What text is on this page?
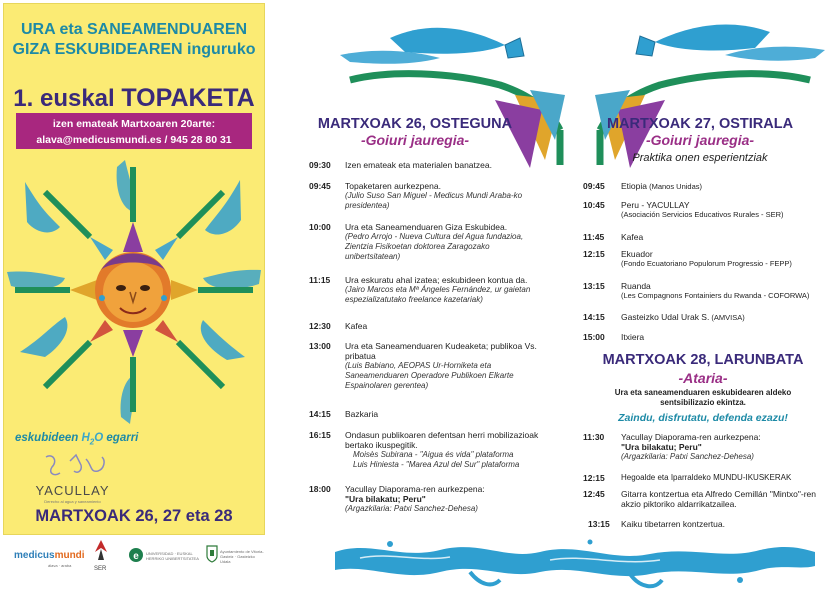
URA eta SANEAMENDUAREN
GIZA ESKUBIDEAREN inguruko
1. euskal TOPAKETA
izen emateak Martxoaren 20arte:
alava@medicusmundi.es / 945 28 80 31
eskubideen $H_2O$ egarri
YACULLAY
Derecho al agua y saneamiento
MARTXOAK 26, 27 eta 28
medicusmundi
álava · araba
SER
e UNIVERSIDAD · EUSKAL HERRIKO UNIBERTSITATEA
Ayuntamiento de Vitoria-Gasteiz · Gasteizko Udala
MARTXOAK 26, OSTEGUNA
-Goiuri jauregia-
09:30 Izen emateak eta materialen banatzea.
09:45 Topaketaren aurkezpena.
(Julio Suso San Miguel - Medicus Mundi Araba-ko presidentea)
10:00 Ura eta Saneamenduaren Giza Eskubidea.
(Pedro Arrojo - Nueva Cultura del Agua fundazioa, Zientzia Fisikoetan doktorea Zaragozako unibertsitatean)
11:15 Ura eskuratu ahal izatea; eskubideen kontua da.
(Jairo Marcos eta Mª Ángeles Fernández, ur gaietan espezializatutako freelance kazetariak)
12:30 Kafea
13:00 Ura eta Saneamenduaren Kudeaketa; publikoa Vs. pribatua
(Luis Babiano, AEOPAS Ur-Horniketa eta Saneamenduaren Operadore Publikoen Elkarte Espainolaren gerentea)
14:15 Bazkaria
16:15 Ondasun publikoaren defentsan herri mobilizazioak bertako ikuspegitik.
Moisès Subirana - "Aigua és vida" plataforma
Luis Hiniesta - "Marea Azul del Sur" plataforma
18:00 Yacullay Diaporama-ren aurkezpena:
"Ura bilakatu; Peru"
(Argazkilaria: Patxi Sanchez-Dehesa)
MARTXOAK 27, OSTIRALA
-Goiuri jauregia-
Praktika onen esperientziak
09:45 Etiopia (Manos Unidas)
10:45 Peru - YACULLAY
(Asociación Servicios Educativos Rurales - SER)
11:45 Kafea
12:15 Ekuador
(Fondo Ecuatoriano Populorum Progressio - FEPP)
13:15 Ruanda
(Les Compagnons Fontainiers du Rwanda - COFORWA)
14:15 Gasteizko Udal Urak S. (AMVISA)
15:00 Itxiera
MARTXOAK 28, LARUNBATA
-Ataria-
Ura eta saneamenduaren eskubidearen aldeko
sentsibilizazio ekintza.
Zaindu, disfrutatu, defenda ezazu!
11:30 Yacullay Diaporama-ren aurkezpena:
"Ura bilakatu; Peru"
(Argazkilaria: Patxi Sanchez-Dehesa)
12:15 Hegoalde eta Iparraldeko MUNDU-IKUSKERAK
12:45 Gitarra kontzertua eta Alfredo Cemillán "Mintxo"-ren akzio piktoriko aldarrikatzailea.
13:15 Kaiku tibetarren kontzertua.
